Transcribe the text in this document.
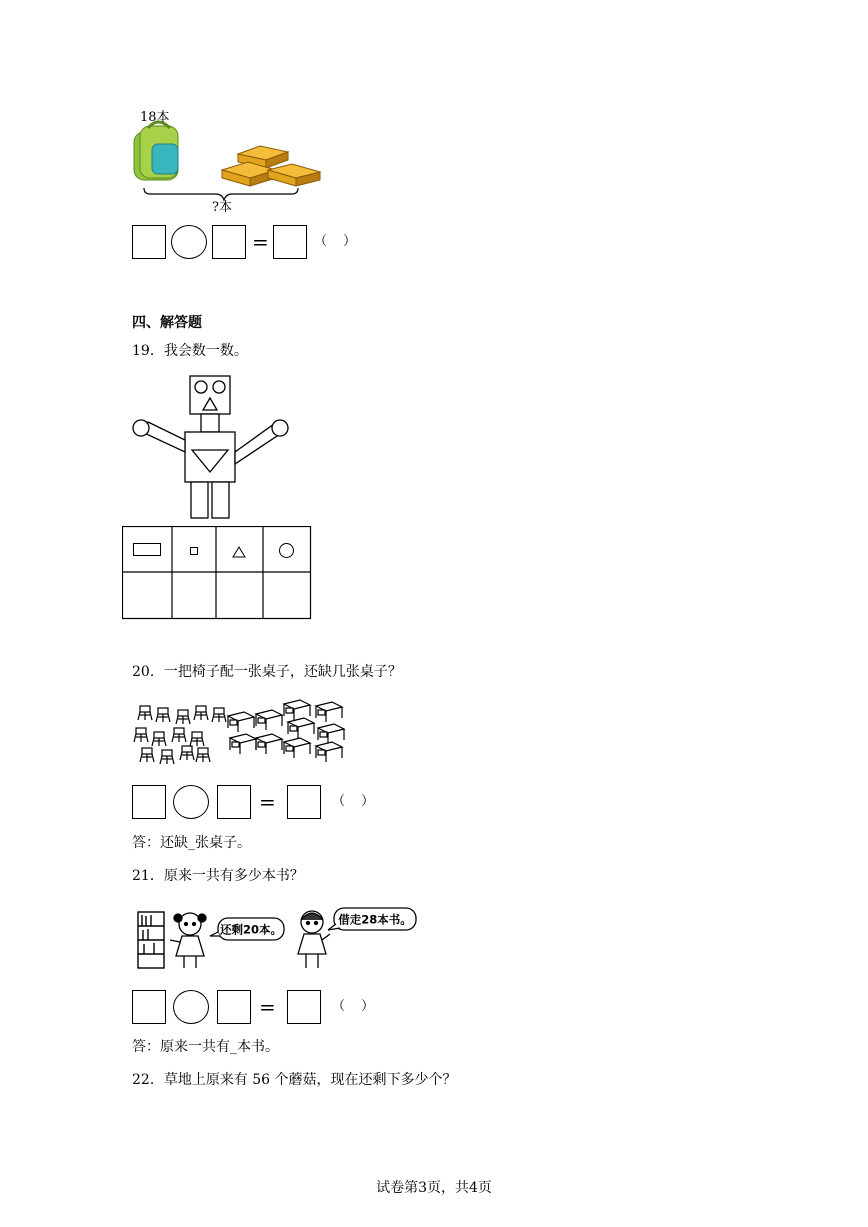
18本
?本
=	（ ）
四、解答题
19．我会数一数。
20．一把椅子配一张桌子，还缺几张桌子？
=	（ ）
答：还缺_张桌子。
21．原来一共有多少本书？
还剩20本。
借走28本书。
=	（ ）
答：原来一共有_本书。
22．草地上原来有 56 个蘑菇，现在还剩下多少个？
试卷第3页，共4页
